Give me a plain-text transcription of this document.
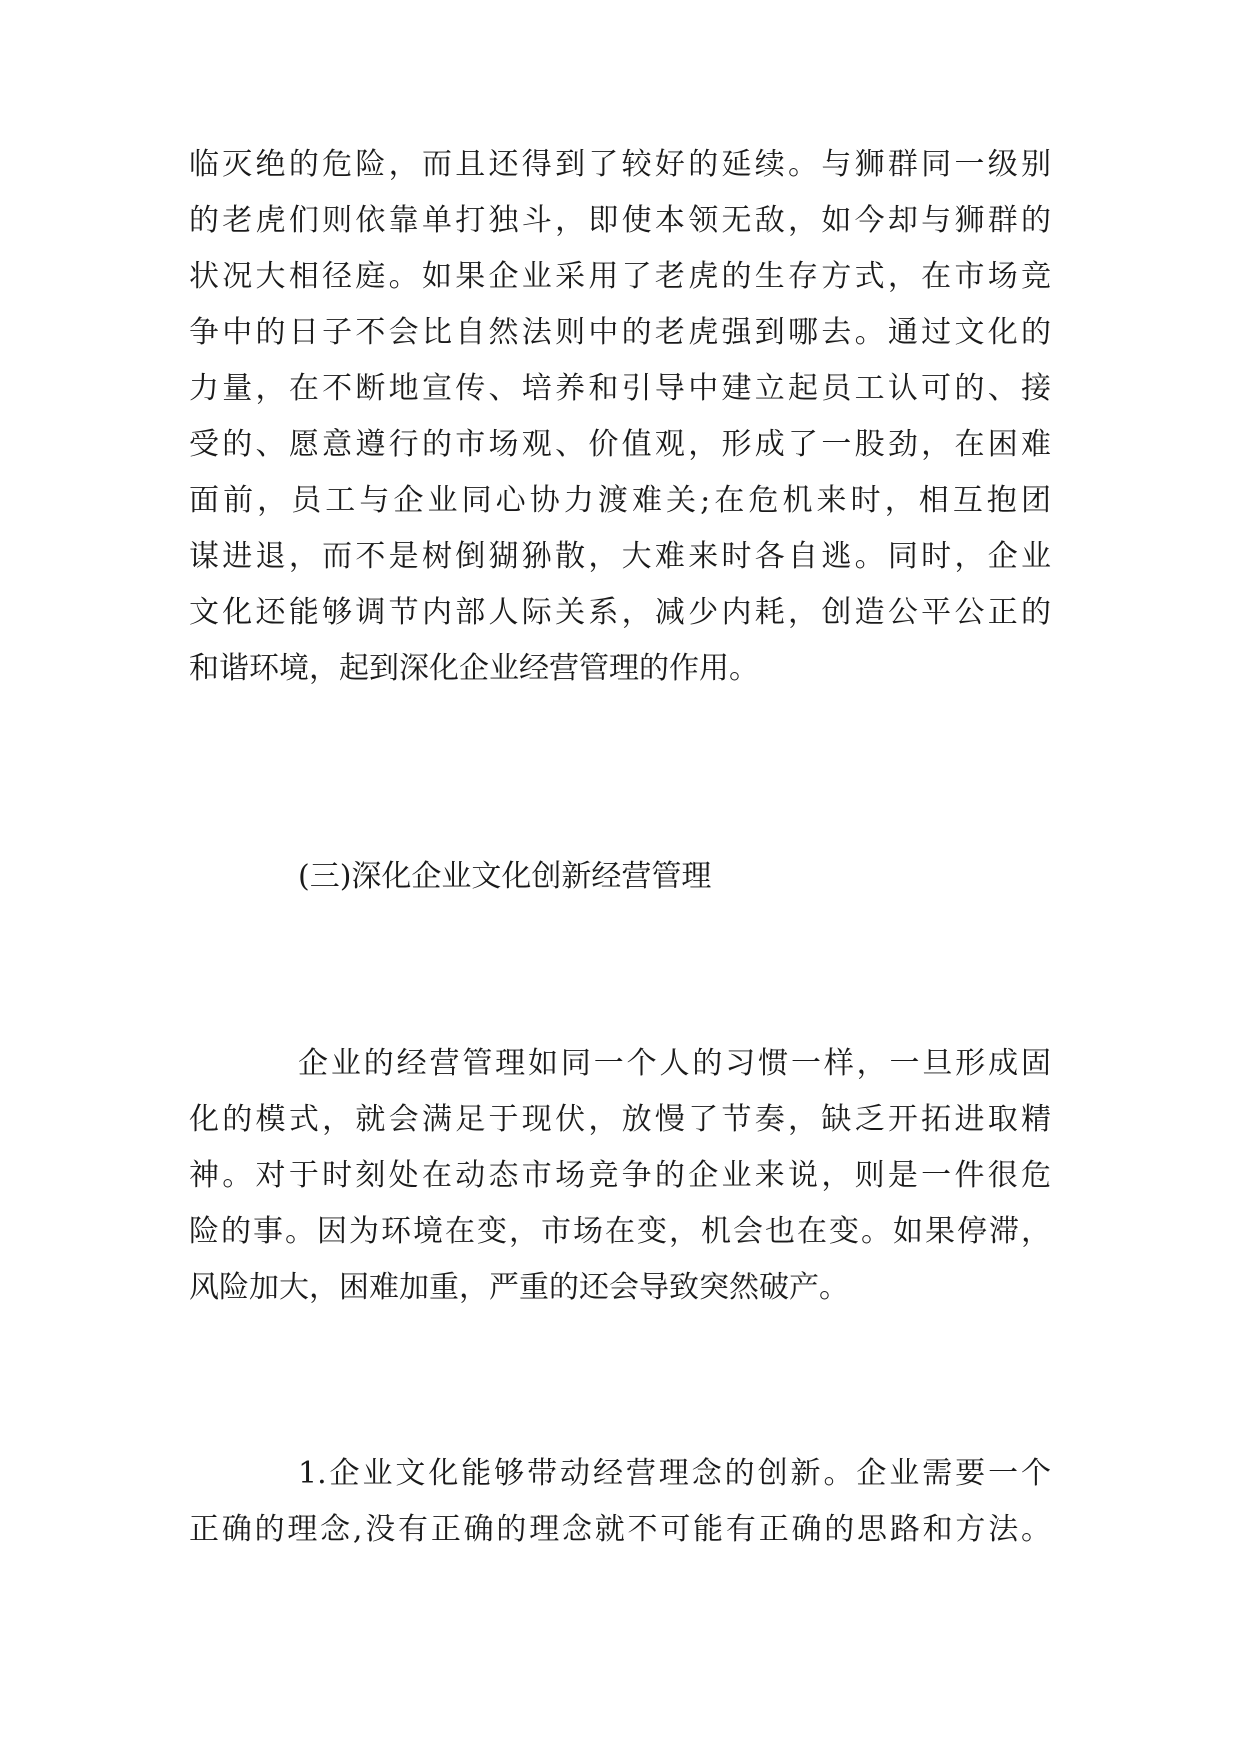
临灭绝的危险，而且还得到了较好的延续。与狮群同一级别
的老虎们则依靠单打独斗，即使本领无敌，如今却与狮群的
状况大相径庭。如果企业采用了老虎的生存方式，在市场竞
争中的日子不会比自然法则中的老虎强到哪去。通过文化的
力量，在不断地宣传、培养和引导中建立起员工认可的、接
受的、愿意遵行的市场观、价值观，形成了一股劲，在困难
面前，员工与企业同心协力渡难关;在危机来时，相互抱团
谋进退，而不是树倒猢狲散，大难来时各自逃。同时，企业
文化还能够调节内部人际关系，减少内耗，创造公平公正的
和谐环境，起到深化企业经营管理的作用。
(三)深化企业文化创新经营管理
企业的经营管理如同一个人的习惯一样，一旦形成固
化的模式，就会满足于现伏，放慢了节奏，缺乏开拓进取精
神。对于时刻处在动态市场竞争的企业来说，则是一件很危
险的事。因为环境在变，市场在变，机会也在变。如果停滞，
风险加大，困难加重，严重的还会导致突然破产。
1.企业文化能够带动经营理念的创新。企业需要一个
正确的理念,没有正确的理念就不可能有正确的思路和方法。
